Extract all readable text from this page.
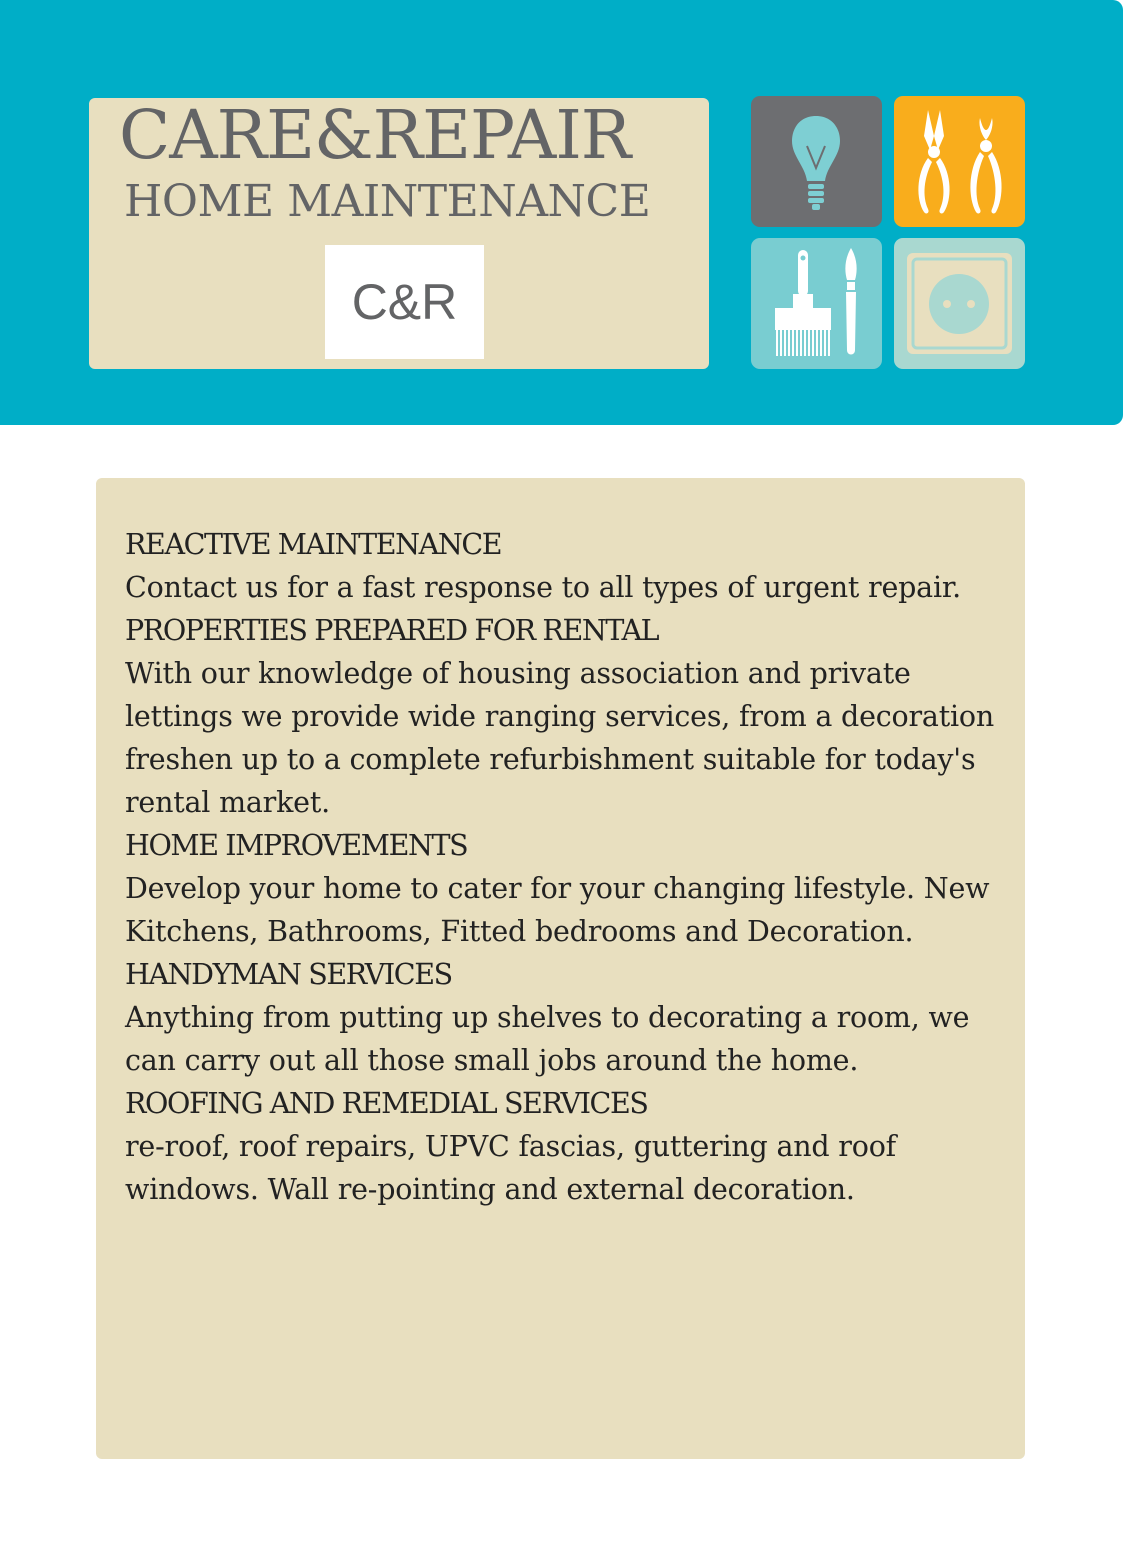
CARE&REPAIR
HOME MAINTENANCE
C&R
REACTIVE MAINTENANCE

Contact us for a fast response to all types of urgent repair.

PROPERTIES PREPARED FOR RENTAL

With our knowledge of housing association and private lettings we provide wide ranging services, from a decoration freshen up to a complete refurbishment suitable for today's rental market.

HOME IMPROVEMENTS

Develop your home to cater for your changing lifestyle. New Kitchens, Bathrooms, Fitted bedrooms and Decoration.

HANDYMAN SERVICES

Anything from putting up shelves to decorating a room, we can carry out all those small jobs around the home.

ROOFING AND REMEDIAL SERVICES

re-roof, roof repairs, UPVC fascias, guttering and roof windows. Wall re-pointing and external decoration.
